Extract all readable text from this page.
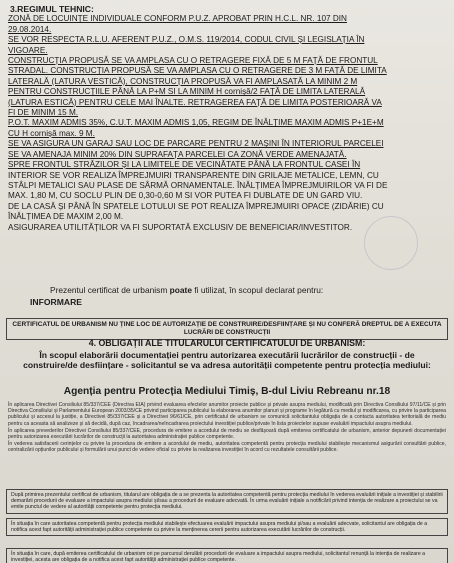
3.REGIMUL TEHNIC:
ZONĂ DE LOCUINȚE INDIVIDUALE CONFORM P.U.Z. APROBAT PRIN H.C.L. NR. 107 DIN
29.08.2014.
SE VOR RESPECTA R.L.U. AFERENT P.U.Z., O.M.S. 119/2014, CODUL CIVIL ȘI LEGISLAȚIA ÎN
VIGOARE.
CONSTRUCȚIA PROPUSĂ SE VA AMPLASA CU O RETRAGERE FIXĂ DE 5 M FAȚĂ DE FRONTUL
STRADAL. CONSTRUCȚIA PROPUSĂ SE VA AMPLASA CU O RETRAGERE DE 3 M FAȚĂ DE LIMITA
LATERALĂ (LATURA VESTICĂ), CONSTRUCȚIA PROPUSĂ VA FI AMPLASATĂ LA MINIM 2 M
PENTRU CONSTRUCȚIILE PÂNĂ LA P+M SI LA MINIM H cornișă/2 FAȚĂ DE LIMITA LATERALĂ
(LATURA ESTICĂ) PENTRU CELE MAI ÎNALTE. RETRAGEREA FAȚĂ DE LIMITA POSTERIOARĂ VA
FI DE MINIM 15 M.
P.O.T. MAXIM ADMIS 35%, C.U.T. MAXIM ADMIS 1,05, REGIM DE ÎNĂLȚIME MAXIM ADMIS P+1E+M
CU H cornișă max. 9 M.
SE VA ASIGURA UN GARAJ SAU LOC DE PARCARE PENTRU 2 MAȘINI ÎN INTERIORUL PARCELEI
SE VA AMENAJA MINIM 20% DIN SUPRAFAȚA PARCELEI CA ZONĂ VERDE AMENAJATĂ.
SPRE FRONTUL STRĂZILOR ȘI LA LIMITELE DE VECINĂTATE PÂNĂ LA FRONTUL CASEI ÎN
INTERIOR SE VOR REALIZA ÎMPREJMUIRI TRANSPARENTE DIN GRILAJE METALICE, LEMN, CU
STÂLPI METALICI SAU PLASE DE SÂRMĂ ORNAMENTALE. ÎNĂLȚIMEA ÎMPREJMUIRILOR VA FI DE
MAX. 1,80 M, CU SOCLU PLIN DE 0,30-0,60 M SI VOR PUTEA FI DUBLATE DE UN GARD VIU.
DE LA CASĂ ȘI PÂNĂ ÎN SPATELE LOTULUI SE POT REALIZA ÎMPREJMUIRI OPACE (ZIDĂRIE) CU
ÎNĂLȚIMEA DE MAXIM 2,00 M.
ASIGURAREA UTILITĂȚILOR VA FI SUPORTATĂ EXCLUSIV DE BENEFICIAR/INVESTITOR.
Prezentul certificat de urbanism poate fi utilizat, în scopul declarat pentru:
INFORMARE
CERTIFICATUL DE URBANISM NU ȚINE LOC DE AUTORIZAȚIE DE CONSTRUIRE/DESFIINȚARE ȘI NU CONFERĂ DREPTUL DE A EXECUTA LUCRĂRI DE CONSTRUCȚII
4. OBLIGAȚII ALE TITULARULUI CERTIFICATULUI DE URBANISM:
În scopul elaborării documentației pentru autorizarea executării lucrărilor de construcții - de construire/de desființare - solicitantul se va adresa autorității competente pentru protecția mediului:
Agenția pentru Protecția Mediului Timiș, B-dul Liviu Rebreanu nr.18

În aplicarea Directivei Consiliului 85/337/CEE (Directiva EIA) privind evaluarea efectelor anumitor proiecte publice și private asupra mediului, modificată prin Directiva Consiliului 97/11/CE și prin Directiva Consiliului și Parlamentului European 2003/35/CE privind participarea publicului la elaborarea anumitor planuri și programe în legătură cu mediul și modificarea, cu privire la participarea publicului și accesul la justiție, a Directivei 85/337/CEE și a Directivei 96/61/CE, prin certificatul de urbanism se comunică solicitantului obligația de a contacta autoritatea teritorială de mediu pentru ca aceasta să analizeze și să decidă, după caz, încadrarea/neîncadrarea proiectului investiției publice/private în lista proiectelor supuse evaluării impactului asupra mediului.

În aplicarea prevederilor Directivei Consiliului 85/337/CEE, procedura de emitere a acordului de mediu se desfășoară după emiterea certificatului de urbanism, anterior depunerii documentației pentru autorizarea executării lucrărilor de construcții la autoritatea administrației publice competente.

În vederea satisfacerii cerințelor cu privire la procedura de emitere a acordului de mediu, autoritatea competentă pentru protecția mediului stabilește mecanismul asigurării consultării publice, centralizării opțiunilor publicului și formulării unui punct de vedere oficial cu privire la realizarea investiției în acord cu rezultatele consultării publice.

După primirea prezentului certificat de urbanism, titularul are obligația de a se prezenta la autoritatea competentă pentru protecția mediului în vederea evaluării inițiale a investiției și stabilirii demarării procedurii de evaluare a impactului asupra mediului și/sau a procedurii de evaluare adecvată. În urma evaluării inițiale a notificării privind intenția de realizare a proiectului se va emite punctul de vedere al autorității competente pentru protecția mediului.
În situația în care autoritatea competentă pentru protecția mediului stabilește efectuarea evaluării impactului asupra mediului și/sau a evaluării adecvate, solicitantul are obligația de a notifica acest fapt autorității administrației publice competente cu privire la menținerea cererii pentru autorizarea executării lucrărilor de construcții.
În situația în care, după emiterea certificatului de urbanism ori pe parcursul derulării procedurii de evaluare a impactului asupra mediului, solicitantul renunță la intenția de realizare a investiției, acesta are obligația de a notifica acest fapt autorității administrației publice competente.
